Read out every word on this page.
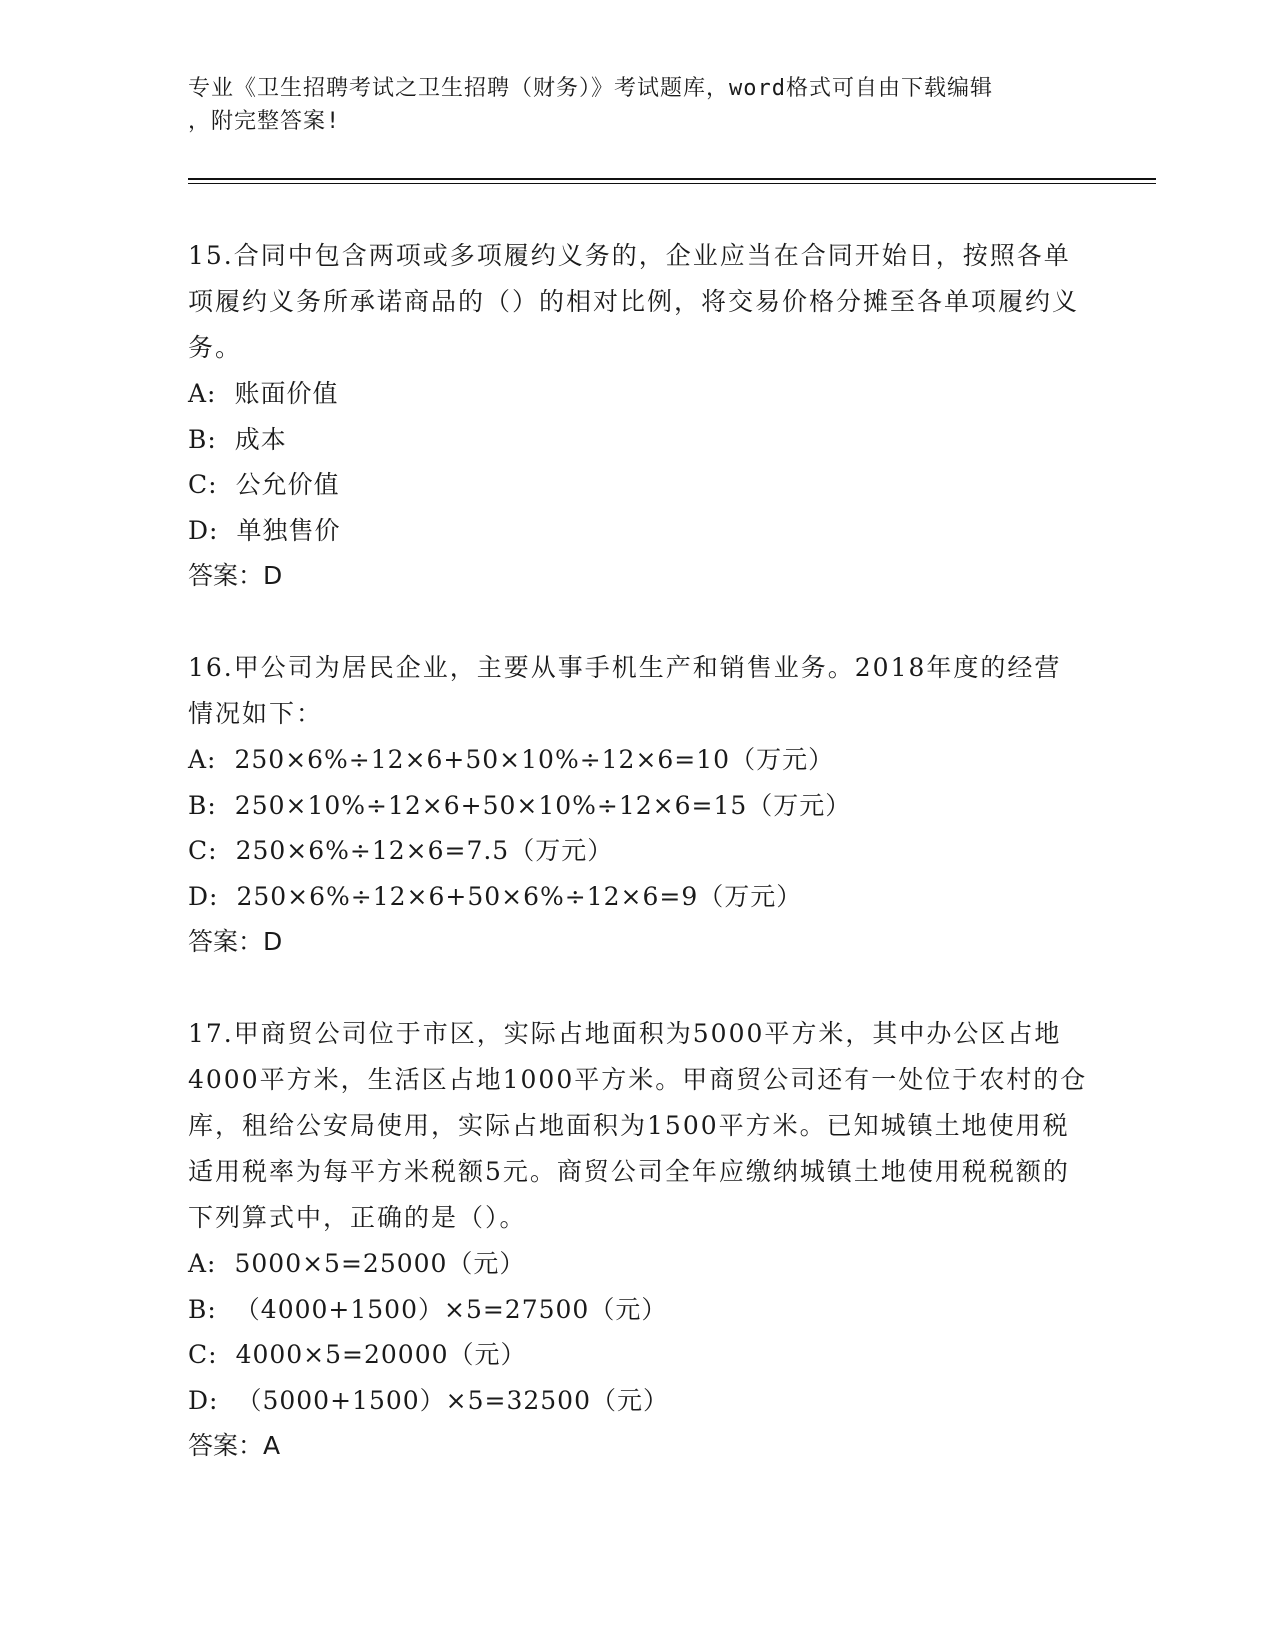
专业《卫生招聘考试之卫生招聘（财务）》考试题库，word格式可自由下载编辑
，附完整答案!
15.合同中包含两项或多项履约义务的，企业应当在合同开始日，按照各单项履约义务所承诺商品的（）的相对比例，将交易价格分摊至各单项履约义务。
A: 账面价值
B: 成本
C: 公允价值
D: 单独售价
答案：D
16.甲公司为居民企业，主要从事手机生产和销售业务。2018年度的经营情况如下：
A: 250×6%÷12×6+50×10%÷12×6=10（万元）
B: 250×10%÷12×6+50×10%÷12×6=15（万元）
C: 250×6%÷12×6=7.5（万元）
D: 250×6%÷12×6+50×6%÷12×6=9（万元）
答案：D
17.甲商贸公司位于市区，实际占地面积为5000平方米，其中办公区占地4000平方米，生活区占地1000平方米。甲商贸公司还有一处位于农村的仓库，租给公安局使用，实际占地面积为1500平方米。已知城镇土地使用税适用税率为每平方米税额5元。商贸公司全年应缴纳城镇土地使用税税额的下列算式中，正确的是（）。
A: 5000×5=25000（元）
B: （4000+1500）×5=27500（元）
C: 4000×5=20000（元）
D: （5000+1500）×5=32500（元）
答案：A
